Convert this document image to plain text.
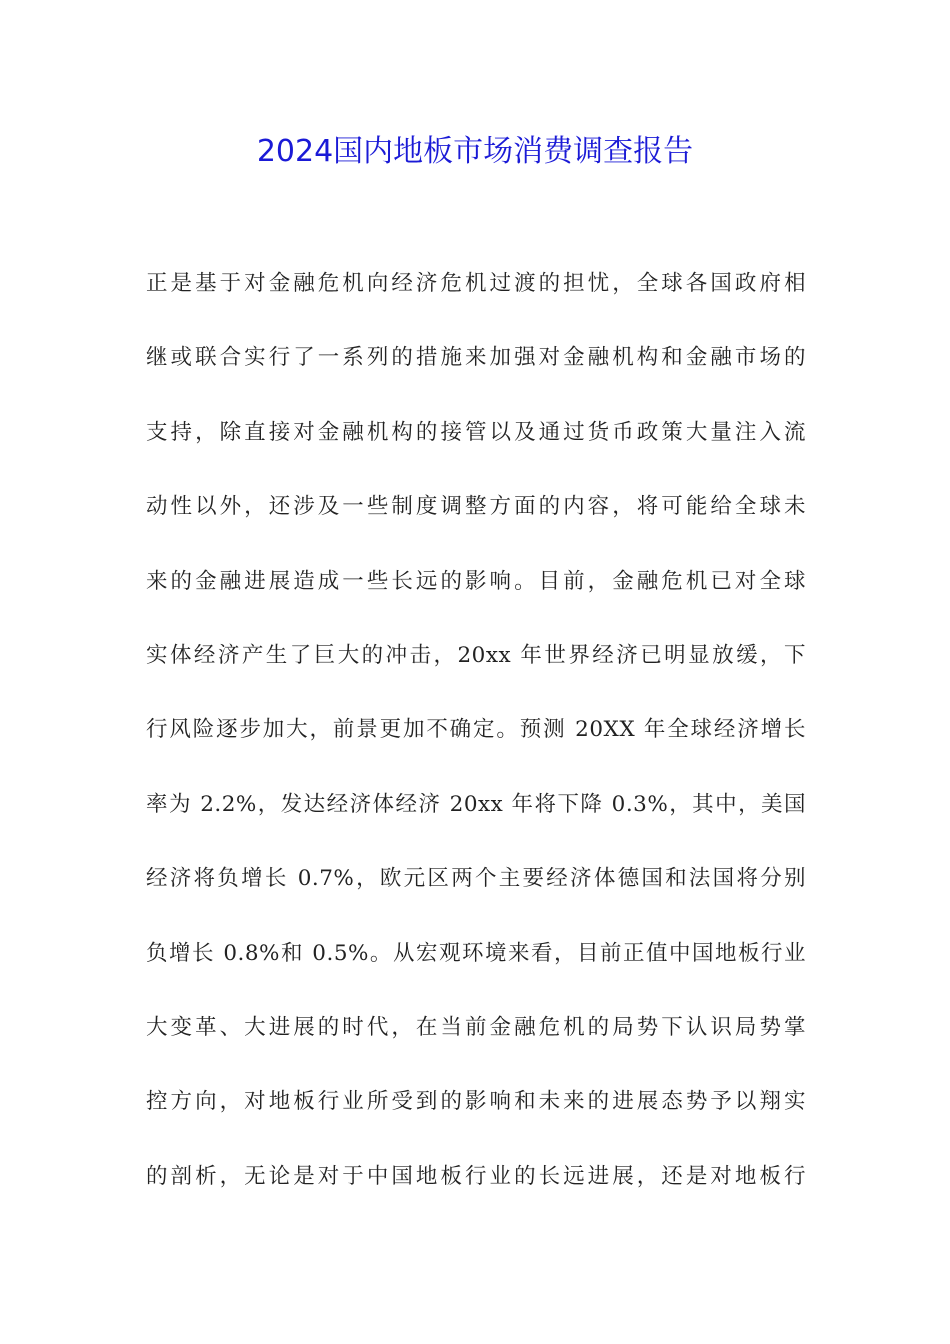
2024国内地板市场消费调查报告
正是基于对金融危机向经济危机过渡的担忧，全球各国政府相
继或联合实行了一系列的措施来加强对金融机构和金融市场的
支持，除直接对金融机构的接管以及通过货币政策大量注入流
动性以外，还涉及一些制度调整方面的内容，将可能给全球未
来的金融进展造成一些长远的影响。目前，金融危机已对全球
实体经济产生了巨大的冲击，20xx 年世界经济已明显放缓，下
行风险逐步加大，前景更加不确定。预测 20XX 年全球经济增长
率为 2.2%，发达经济体经济 20xx 年将下降 0.3%，其中，美国
经济将负增长 0.7%，欧元区两个主要经济体德国和法国将分别
负增长 0.8%和 0.5%。从宏观环境来看，目前正值中国地板行业
大变革、大进展的时代，在当前金融危机的局势下认识局势掌
控方向，对地板行业所受到的影响和未来的进展态势予以翔实
的剖析，无论是对于中国地板行业的长远进展，还是对地板行
